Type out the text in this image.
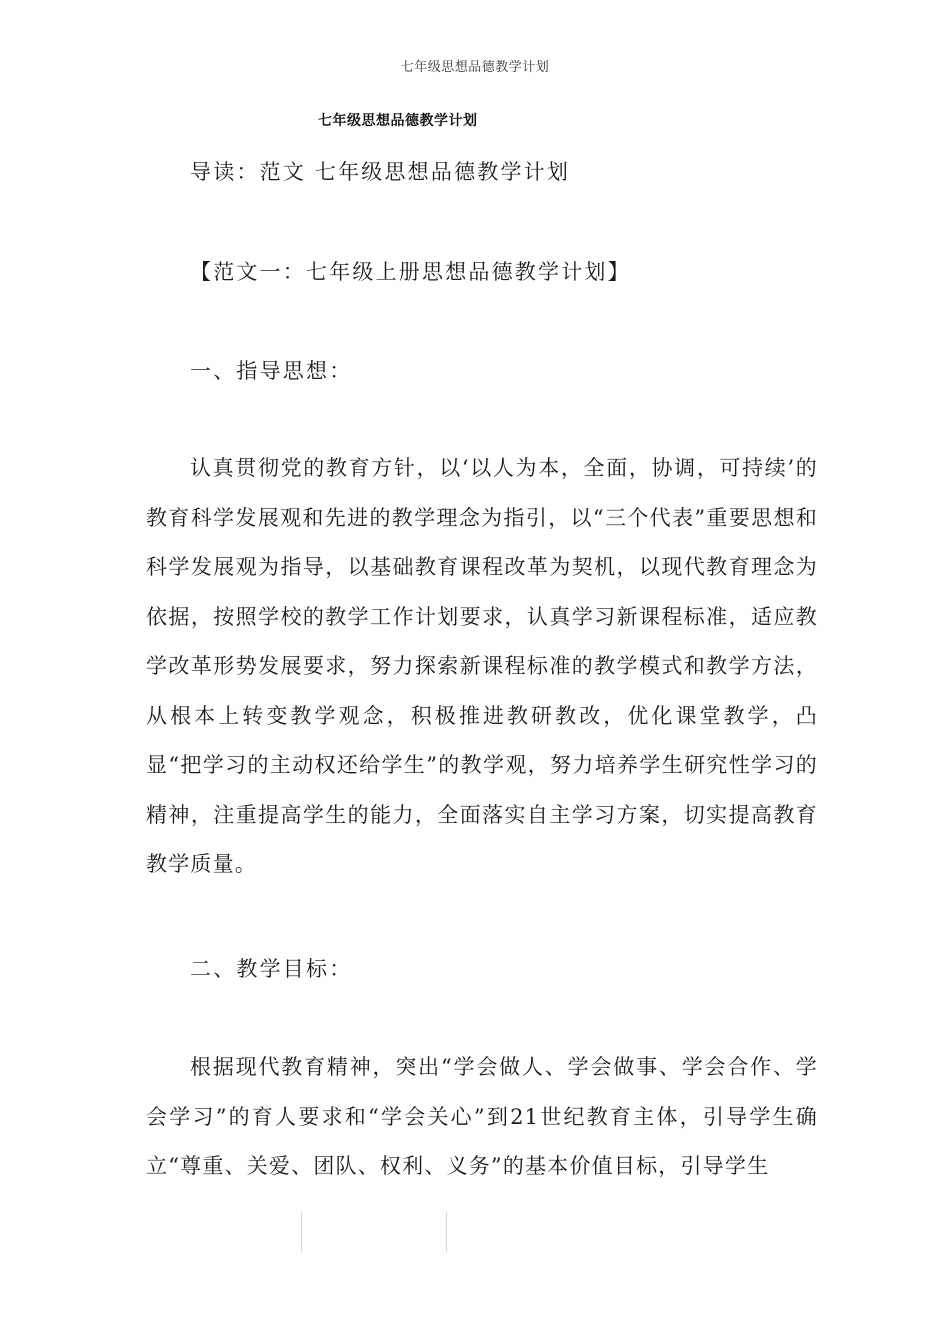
七年级思想品德教学计划
七年级思想品德教学计划
导读：范文 七年级思想品德教学计划
【范文一：七年级上册思想品德教学计划】
一、指导思想：
认真贯彻党的教育方针，以‘以人为本，全面，协调，可持续’的教育科学发展观和先进的教学理念为指引，以“三个代表”重要思想和科学发展观为指导，以基础教育课程改革为契机，以现代教育理念为依据，按照学校的教学工作计划要求，认真学习新课程标准，适应教学改革形势发展要求，努力探索新课程标准的教学模式和教学方法，从根本上转变教学观念，积极推进教研教改，优化课堂教学，凸显“把学习的主动权还给学生”的教学观，努力培养学生研究性学习的精神，注重提高学生的能力，全面落实自主学习方案，切实提高教育教学质量。
二、教学目标：
根据现代教育精神，突出“学会做人、学会做事、学会合作、学会学习”的育人要求和“学会关心”到21世纪教育主体，引导学生确立“尊重、关爱、团队、权利、义务”的基本价值目标，引导学生
